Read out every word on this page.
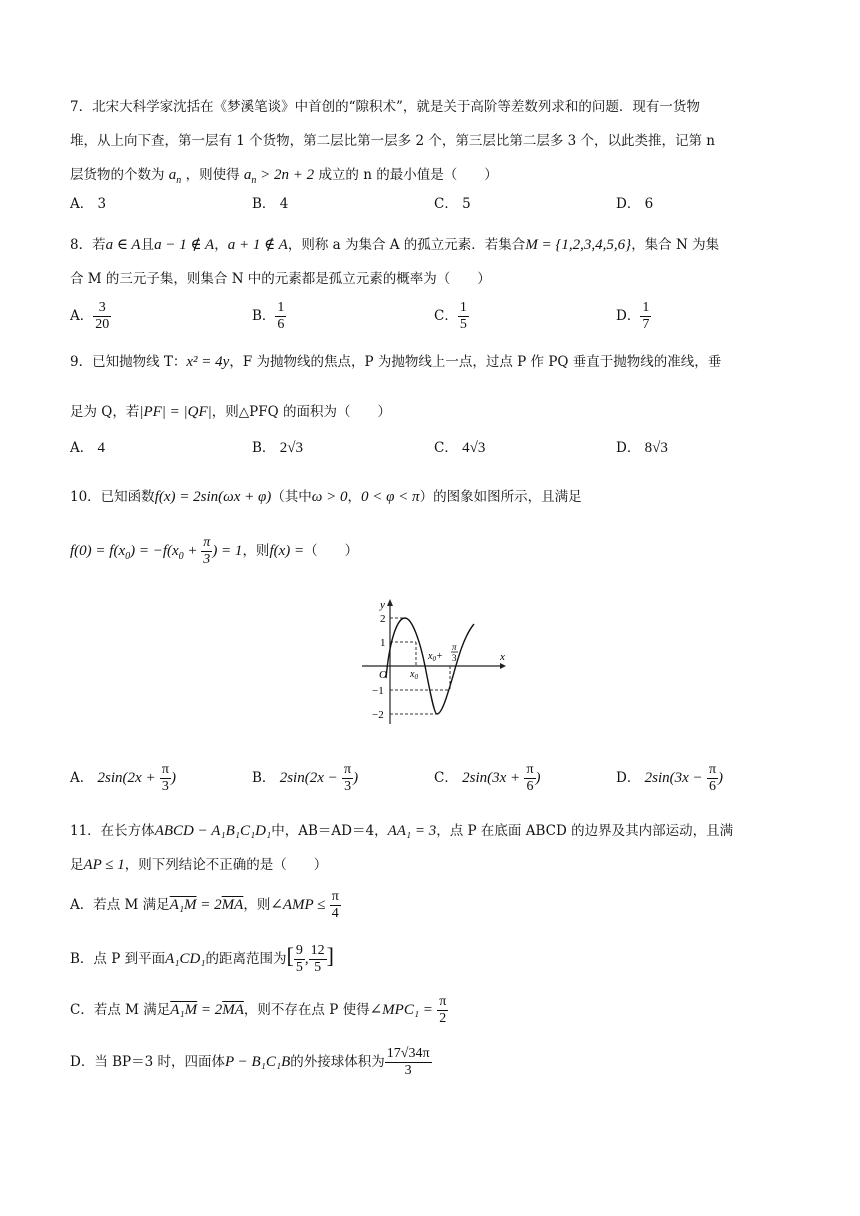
7．北宋大科学家沈括在《梦溪笔谈》中首创的“隙积术”，就是关于高阶等差数列求和的问题．现有一货物
堆，从上向下查，第一层有 1 个货物，第二层比第一层多 2 个，第三层比第二层多 3 个，以此类推，记第 n
层货物的个数为 $a_n$ ，则使得 $a_n > 2n + 2$ 成立的 n 的最小值是（　　）
A． 3	B． 4	C． 5	D． 6
8．若a ∈ A且a − 1 ∉ A，a + 1 ∉ A，则称 a 为集合 A 的孤立元素．若集合M = {1,2,3,4,5,6}，集合 N 为集
合 M 的三元子集，则集合 N 中的元素都是孤立元素的概率为（　　）
A． $\frac{3}{20}$	B． $\frac{1}{6}$	C． $\frac{1}{5}$	D． $\frac{1}{7}$
9．已知抛物线 T：x² = 4y，F 为抛物线的焦点，P 为抛物线上一点，过点 P 作 PQ 垂直于抛物线的准线，垂
足为 Q，若|PF| = |QF|，则△PFQ 的面积为（　　）
A． 4	B． 2√3	C． 4√3	D． 8√3
10．已知函数f(x) = 2sin(ωx + φ)（其中ω > 0，0 < φ < π）的图象如图所示，且满足
$f(0) = f(x_0) = -f(x_0 + \frac{\pi}{3}$ ) = 1，则f(x) =（　　）
y
x
O
2
1
−1
−2
$x_0$
$x_0+$
π
3
A． $2\sin(2x + \frac{\pi}{3}$ )	B． $2\sin(2x - \frac{\pi}{3}$ )	C． $2\sin(3x + \frac{\pi}{6}$ )	D． $2\sin(3x - \frac{\pi}{6}$ )
11．在长方体ABCD − A₁B₁C₁D₁中，AB＝AD＝4，AA₁ = 3，点 P 在底面 ABCD 的边界及其内部运动，且满
足AP ≤ 1，则下列结论不正确的是（　　）
A．若点 M 满足$A_1M = 2\overline{MA}$，则∠AMP ≤ $\frac{\pi}{4}$
B．点 P 到平面A₁CD₁的距离范围为[ $\frac{9}{5}$ , $\frac{12}{5}$ ]
C．若点 M 满足$A_1M = 2\overline{MA}$，则不存在点 P 使得∠MPC₁ = $\frac{\pi}{2}$
D．当 BP＝3 时，四面体P − B₁C₁B的外接球体积为 $\frac{17√34\pi}{3}$
